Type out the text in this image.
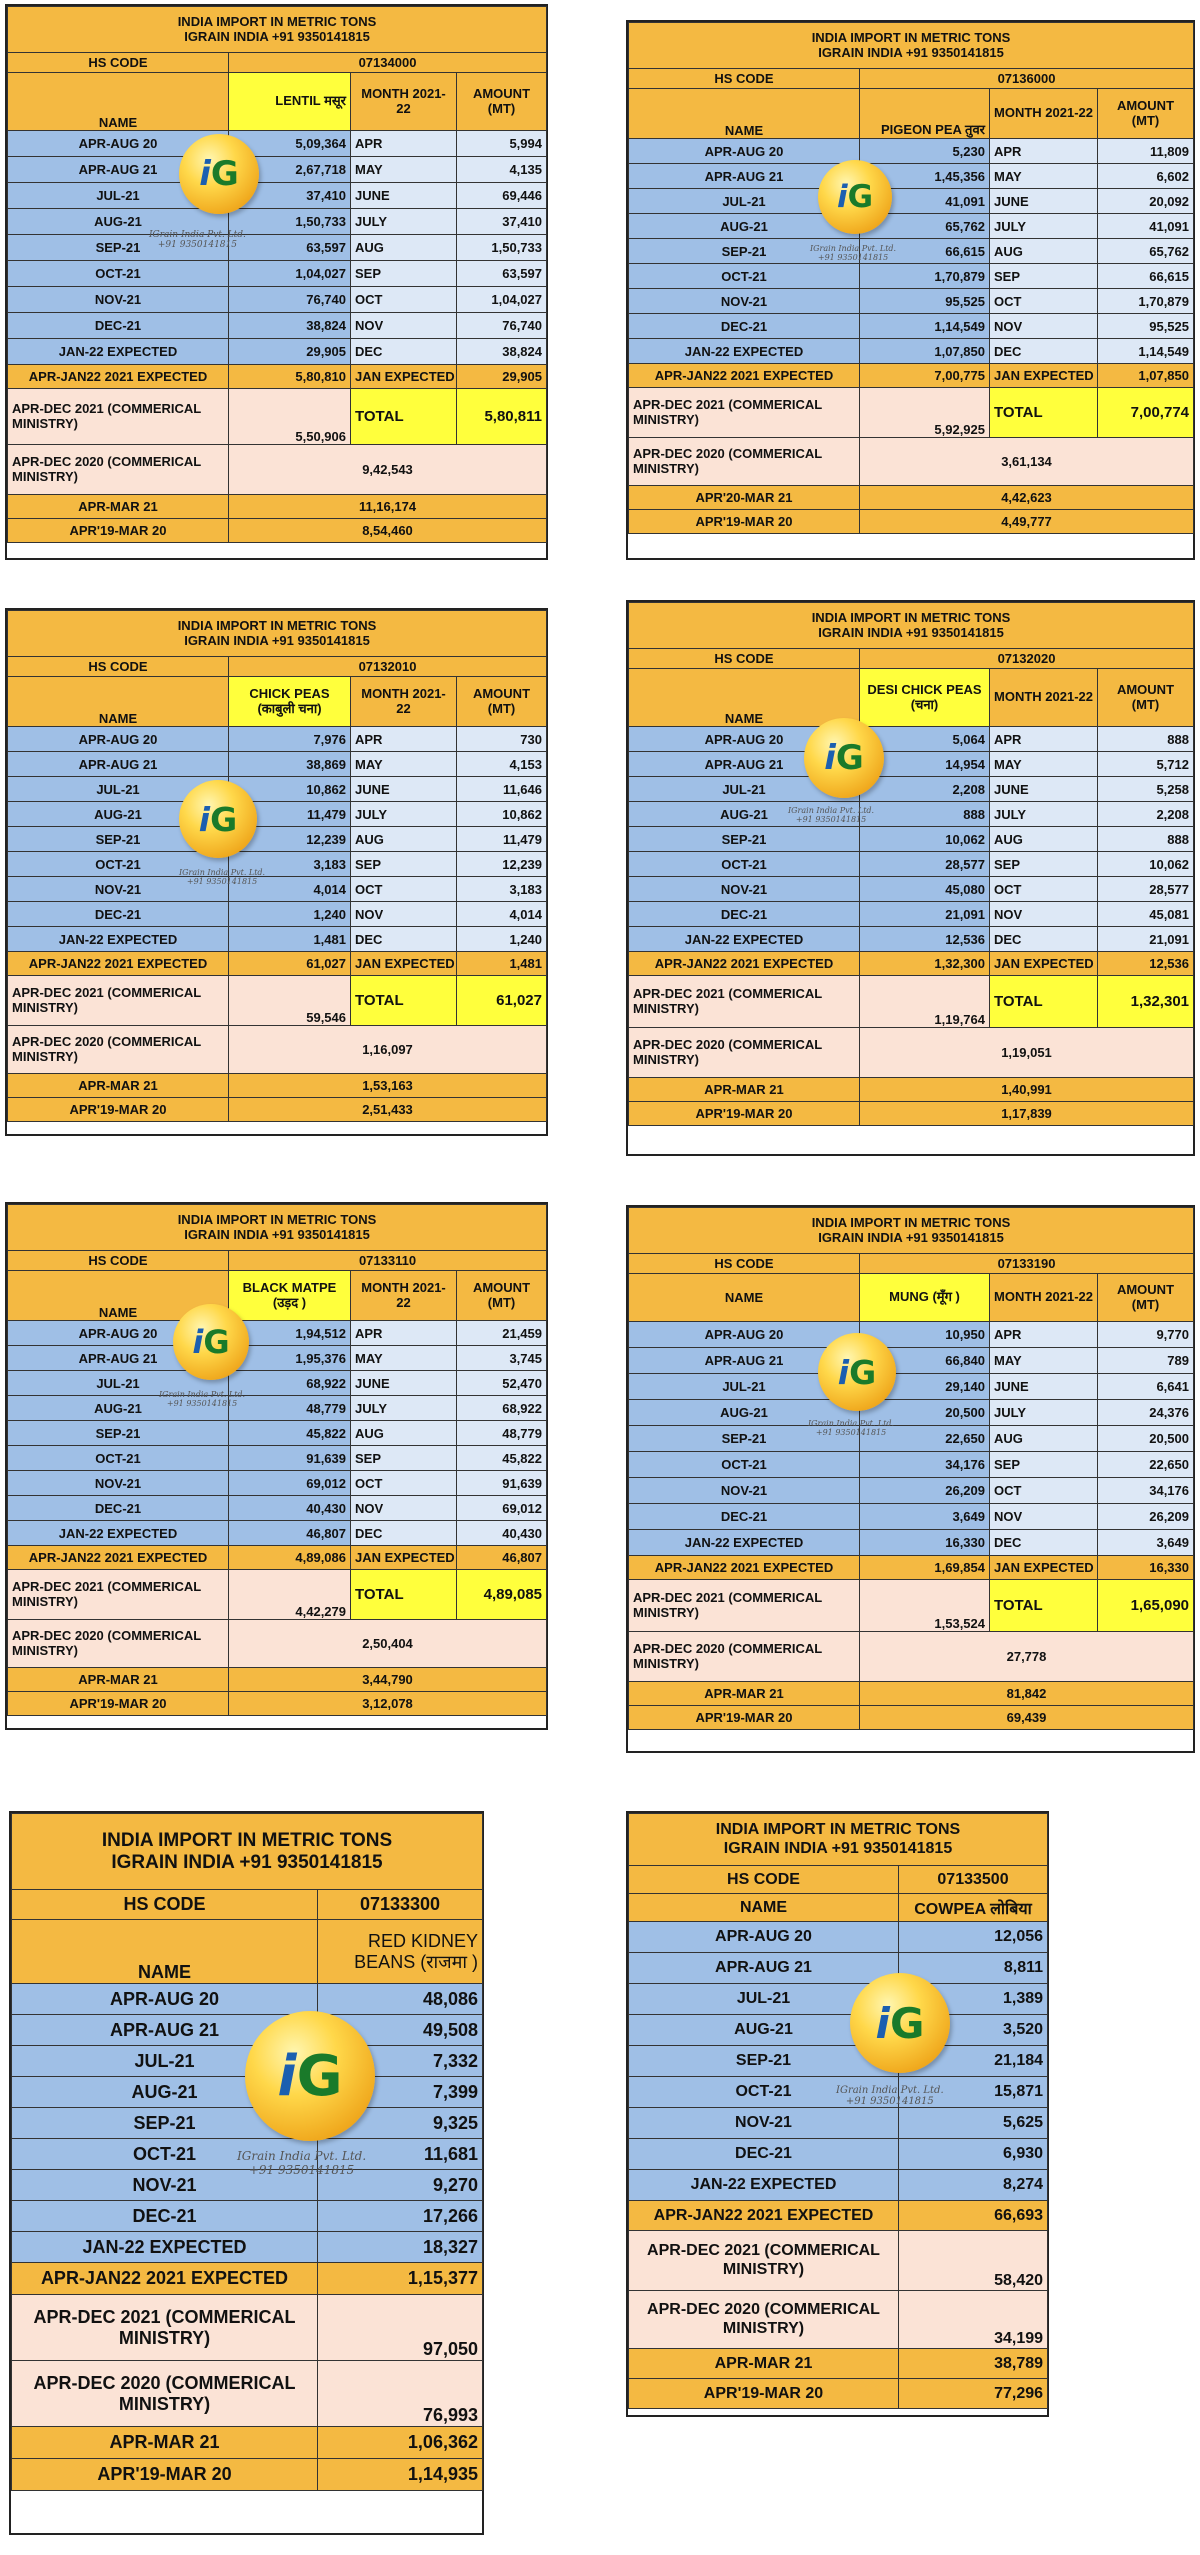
INDIA IMPORT IN METRIC TONS
IGRAIN INDIA +91 9350141815			
HS CODE	07134000		
NAME	LENTIL मसूर	MONTH 2021-22	AMOUNT (MT)
APR-AUG 20	5,09,364	APR	5,994
APR-AUG 21	2,67,718	MAY	4,135
JUL-21	37,410	JUNE	69,446
AUG-21	1,50,733	JULY	37,410
SEP-21	63,597	AUG	1,50,733
OCT-21	1,04,027	SEP	63,597
NOV-21	76,740	OCT	1,04,027
DEC-21	38,824	NOV	76,740
JAN-22 EXPECTED	29,905	DEC	38,824
APR-JAN22 2021 EXPECTED	5,80,810	JAN EXPECTED	29,905
APR-DEC 2021 (COMMERICAL MINISTRY)	5,50,906	TOTAL	5,80,811
APR-DEC 2020 (COMMERICAL MINISTRY)	9,42,543		
APR-MAR 21	11,16,174		
APR'19-MAR 20	8,54,460		
iG
IGrain India Pvt. Ltd.
+91 9350141815
INDIA IMPORT IN METRIC TONS
IGRAIN INDIA +91 9350141815			
HS CODE	07136000		
NAME	PIGEON PEA तुवर	MONTH 2021-22	AMOUNT (MT)
APR-AUG 20	5,230	APR	11,809
APR-AUG 21	1,45,356	MAY	6,602
JUL-21	41,091	JUNE	20,092
AUG-21	65,762	JULY	41,091
SEP-21	66,615	AUG	65,762
OCT-21	1,70,879	SEP	66,615
NOV-21	95,525	OCT	1,70,879
DEC-21	1,14,549	NOV	95,525
JAN-22 EXPECTED	1,07,850	DEC	1,14,549
APR-JAN22 2021 EXPECTED	7,00,775	JAN EXPECTED	1,07,850
APR-DEC 2021 (COMMERICAL MINISTRY)	5,92,925	TOTAL	7,00,774
APR-DEC 2020 (COMMERICAL MINISTRY)	3,61,134		
APR'20-MAR 21	4,42,623		
APR'19-MAR 20	4,49,777		
iG
IGrain India Pvt. Ltd.
+91 9350141815
INDIA IMPORT IN METRIC TONS
IGRAIN INDIA +91 9350141815			
HS CODE	07132010		
NAME	CHICK PEAS (काबुली चना)	MONTH 2021-22	AMOUNT (MT)
APR-AUG 20	7,976	APR	730
APR-AUG 21	38,869	MAY	4,153
JUL-21	10,862	JUNE	11,646
AUG-21	11,479	JULY	10,862
SEP-21	12,239	AUG	11,479
OCT-21	3,183	SEP	12,239
NOV-21	4,014	OCT	3,183
DEC-21	1,240	NOV	4,014
JAN-22 EXPECTED	1,481	DEC	1,240
APR-JAN22 2021 EXPECTED	61,027	JAN EXPECTED	1,481
APR-DEC 2021 (COMMERICAL MINISTRY)	59,546	TOTAL	61,027
APR-DEC 2020 (COMMERICAL MINISTRY)	1,16,097		
APR-MAR 21	1,53,163		
APR'19-MAR 20	2,51,433		
iG
IGrain India Pvt. Ltd.
+91 9350141815
INDIA IMPORT IN METRIC TONS
IGRAIN INDIA +91 9350141815			
HS CODE	07132020		
NAME	DESI CHICK PEAS (चना)	MONTH 2021-22	AMOUNT (MT)
APR-AUG 20	5,064	APR	888
APR-AUG 21	14,954	MAY	5,712
JUL-21	2,208	JUNE	5,258
AUG-21	888	JULY	2,208
SEP-21	10,062	AUG	888
OCT-21	28,577	SEP	10,062
NOV-21	45,080	OCT	28,577
DEC-21	21,091	NOV	45,081
JAN-22 EXPECTED	12,536	DEC	21,091
APR-JAN22 2021 EXPECTED	1,32,300	JAN EXPECTED	12,536
APR-DEC 2021 (COMMERICAL MINISTRY)	1,19,764	TOTAL	1,32,301
APR-DEC 2020 (COMMERICAL MINISTRY)	1,19,051		
APR-MAR 21	1,40,991		
APR'19-MAR 20	1,17,839		
iG
IGrain India Pvt. Ltd.
+91 9350141815
INDIA IMPORT IN METRIC TONS
IGRAIN INDIA +91 9350141815			
HS CODE	07133110		
NAME	BLACK MATPE (उड़द )	MONTH 2021-22	AMOUNT (MT)
APR-AUG 20	1,94,512	APR	21,459
APR-AUG 21	1,95,376	MAY	3,745
JUL-21	68,922	JUNE	52,470
AUG-21	48,779	JULY	68,922
SEP-21	45,822	AUG	48,779
OCT-21	91,639	SEP	45,822
NOV-21	69,012	OCT	91,639
DEC-21	40,430	NOV	69,012
JAN-22 EXPECTED	46,807	DEC	40,430
APR-JAN22 2021 EXPECTED	4,89,086	JAN EXPECTED	46,807
APR-DEC 2021 (COMMERICAL MINISTRY)	4,42,279	TOTAL	4,89,085
APR-DEC 2020 (COMMERICAL MINISTRY)	2,50,404		
APR-MAR 21	3,44,790		
APR'19-MAR 20	3,12,078		
iG
IGrain India Pvt. Ltd.
+91 9350141815
INDIA IMPORT IN METRIC TONS
IGRAIN INDIA +91 9350141815			
HS CODE	07133190		
NAME	MUNG (मूँग )	MONTH 2021-22	AMOUNT (MT)
APR-AUG 20	10,950	APR	9,770
APR-AUG 21	66,840	MAY	789
JUL-21	29,140	JUNE	6,641
AUG-21	20,500	JULY	24,376
SEP-21	22,650	AUG	20,500
OCT-21	34,176	SEP	22,650
NOV-21	26,209	OCT	34,176
DEC-21	3,649	NOV	26,209
JAN-22 EXPECTED	16,330	DEC	3,649
APR-JAN22 2021 EXPECTED	1,69,854	JAN EXPECTED	16,330
APR-DEC 2021 (COMMERICAL MINISTRY)	1,53,524	TOTAL	1,65,090
APR-DEC 2020 (COMMERICAL MINISTRY)	27,778		
APR-MAR 21	81,842		
APR'19-MAR 20	69,439		
iG
IGrain India Pvt. Ltd.
+91 9350141815
INDIA IMPORT IN METRIC TONS
IGRAIN INDIA +91 9350141815	
HS CODE	07133300
NAME	RED KIDNEY BEANS (राजमा )
APR-AUG 20	48,086
APR-AUG 21	49,508
JUL-21	7,332
AUG-21	7,399
SEP-21	9,325
OCT-21	11,681
NOV-21	9,270
DEC-21	17,266
JAN-22 EXPECTED	18,327
APR-JAN22 2021 EXPECTED	1,15,377
APR-DEC 2021 (COMMERICAL MINISTRY)	97,050
APR-DEC 2020 (COMMERICAL MINISTRY)	76,993
APR-MAR 21	1,06,362
APR'19-MAR 20	1,14,935
iG
IGrain India Pvt. Ltd.
+91 9350141815
INDIA IMPORT IN METRIC TONS
IGRAIN INDIA +91 9350141815	
HS CODE	07133500
NAME	COWPEA लोबिया
APR-AUG 20	12,056
APR-AUG 21	8,811
JUL-21	1,389
AUG-21	3,520
SEP-21	21,184
OCT-21	15,871
NOV-21	5,625
DEC-21	6,930
JAN-22 EXPECTED	8,274
APR-JAN22 2021 EXPECTED	66,693
APR-DEC 2021 (COMMERICAL MINISTRY)	58,420
APR-DEC 2020 (COMMERICAL MINISTRY)	34,199
APR-MAR 21	38,789
APR'19-MAR 20	77,296
iG
IGrain India Pvt. Ltd.
+91 9350141815
